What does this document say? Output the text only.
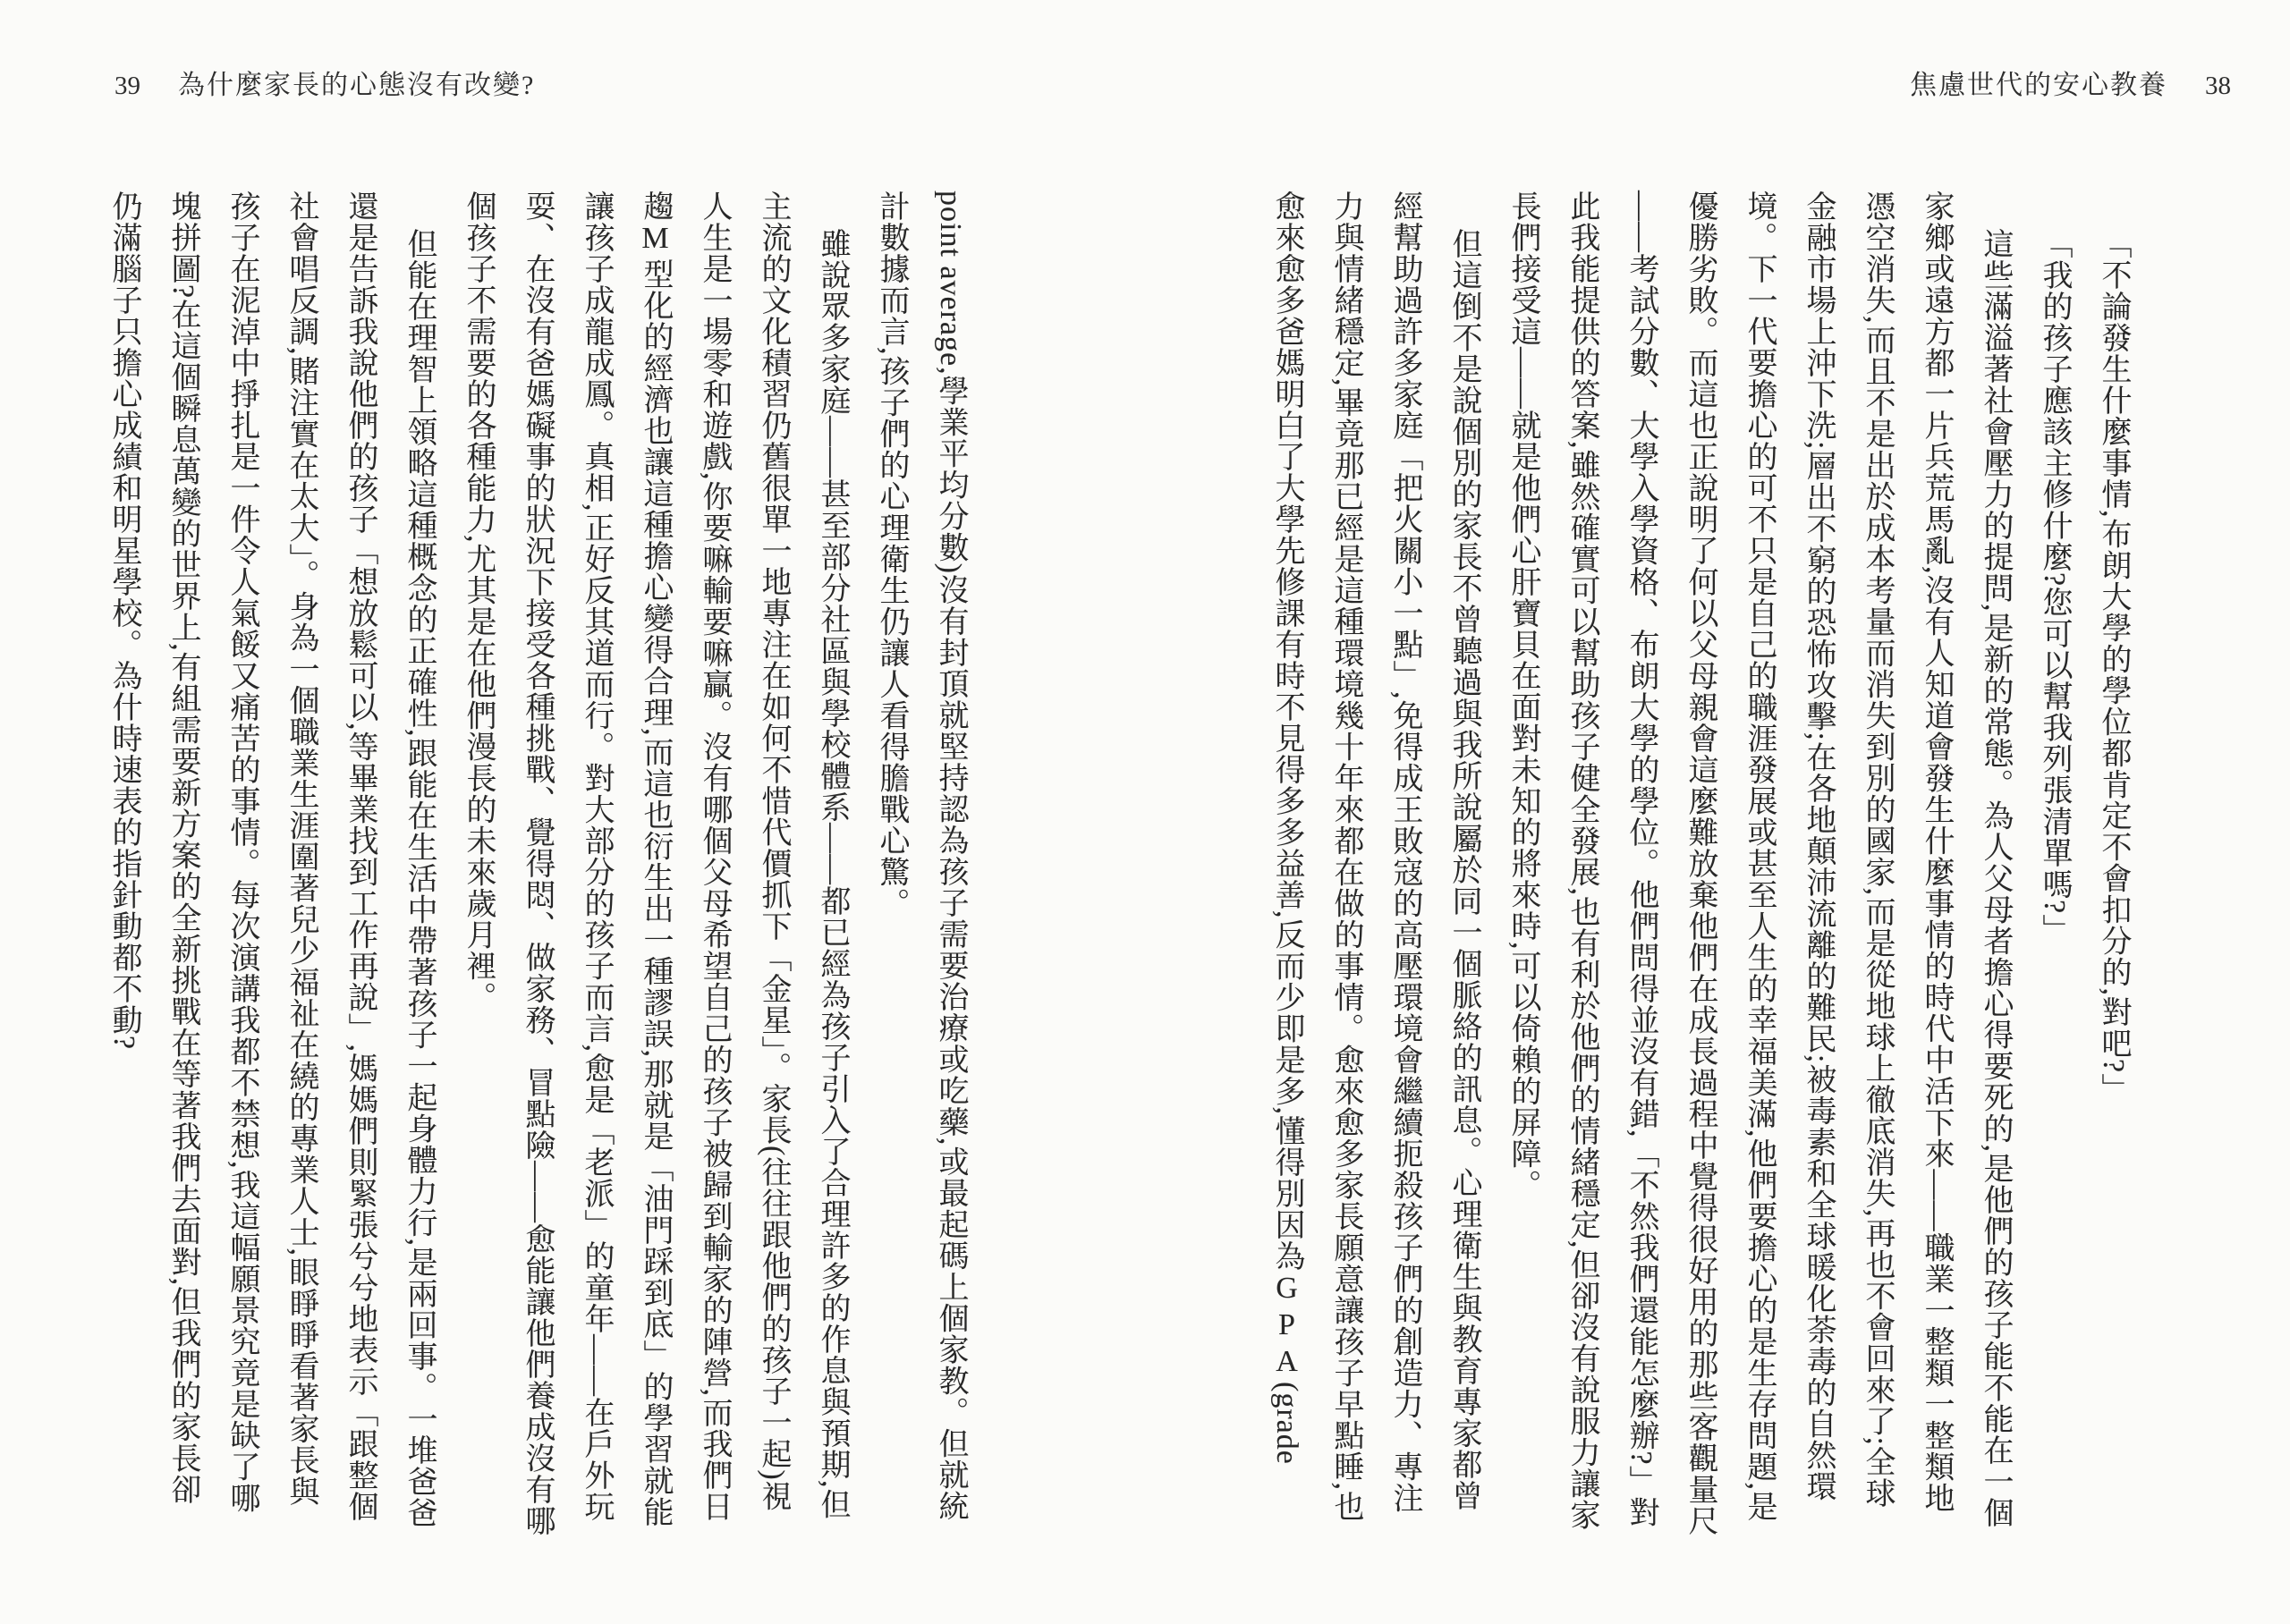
39 為什麼家長的心態沒有改變?	焦慮世代的安心教養 38

「不論發生什麼事情,布朗大學的學位都肯定不會扣分的,對吧?」

「我的孩子應該主修什麼?您可以幫我列張清單嗎?」

這些滿溢著社會壓力的提問,是新的常態。為人父母者擔心得要死的,是他們的孩子能不能在一個家鄉或遠方都一片兵荒馬亂,沒有人知道會發生什麼事情的時代中活下來——職業一整類一整類地憑空消失,而且不是出於成本考量而消失到別的國家,而是從地球上徹底消失,再也不會回來了;全球金融市場上沖下洗;層出不窮的恐怖攻擊;在各地顛沛流離的難民;被毒素和全球暖化荼毒的自然環境。下一代要擔心的可不只是自己的職涯發展或甚至人生的幸福美滿,他們要擔心的是生存問題,是優勝劣敗。而這也正說明了何以父母親會這麼難放棄他們在成長過程中覺得很好用的那些客觀量尺——考試分數、大學入學資格、布朗大學的學位。他們問得並沒有錯,「不然我們還能怎麼辦?」對此我能提供的答案,雖然確實可以幫助孩子健全發展,也有利於他們的情緒穩定,但卻沒有說服力讓家長們接受這——就是他們心肝寶貝在面對未知的將來時,可以倚賴的屏障。

但這倒不是說個別的家長不曾聽過與我所說屬於同一個脈絡的訊息。心理衛生與教育專家都曾經幫助過許多家庭「把火關小一點」,免得成王敗寇的高壓環境會繼續扼殺孩子們的創造力、專注力與情緒穩定,畢竟那已經是這種環境幾十年來都在做的事情。愈來愈多家長願意讓孩子早點睡,也愈來愈多爸媽明白了大學先修課有時不見得多多益善,反而少即是多,懂得別因為GPA(grade

point average,學業平均分數)沒有封頂就堅持認為孩子需要治療或吃藥,或最起碼上個家教。但就統計數據而言,孩子們的心理衛生仍讓人看得膽戰心驚。

雖說眾多家庭——甚至部分社區與學校體系——都已經為孩子引入了合理許多的作息與預期,但主流的文化積習仍舊很單一地專注在如何不惜代價抓下「金星」。家長(往往跟他們的孩子一起)視人生是一場零和遊戲,你要嘛輸要嘛贏。沒有哪個父母希望自己的孩子被歸到輸家的陣營,而我們日趨M型化的經濟也讓這種擔心變得合理,而這也衍生出一種謬誤,那就是「油門踩到底」的學習就能讓孩子成龍成鳳。真相,正好反其道而行。對大部分的孩子而言,愈是「老派」的童年——在戶外玩耍、在沒有爸媽礙事的狀況下接受各種挑戰、覺得悶、做家務、冒點險——愈能讓他們養成沒有哪個孩子不需要的各種能力,尤其是在他們漫長的未來歲月裡。

但能在理智上領略這種概念的正確性,跟能在生活中帶著孩子一起身體力行,是兩回事。一堆爸爸還是告訴我說他們的孩子「想放鬆可以,等畢業找到工作再說」,媽媽們則緊張兮兮地表示「跟整個社會唱反調,賭注實在太大」。身為一個職業生涯圍著兒少福祉在繞的專業人士,眼睜睜看著家長與孩子在泥淖中掙扎是一件令人氣餒又痛苦的事情。每次演講我都不禁想,我這幅願景究竟是缺了哪塊拼圖?在這個瞬息萬變的世界上,有組需要新方案的全新挑戰在等著我們去面對,但我們的家長卻仍滿腦子只擔心成績和明星學校。為什時速表的指針動都不動?
